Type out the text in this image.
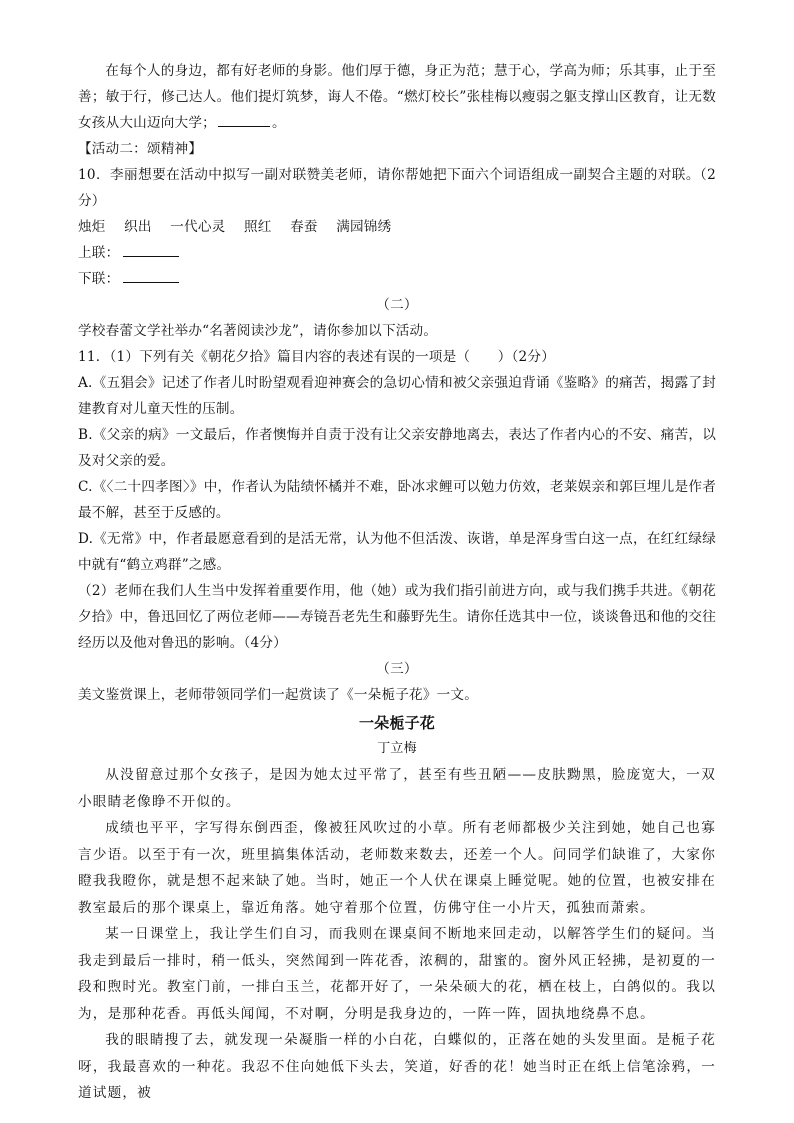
在每个人的身边，都有好老师的身影。他们厚于德，身正为范；慧于心，学高为师；乐其事，止于至善；敏于行，修己达人。他们提灯筑梦，诲人不倦。“燃灯校长”张桂梅以瘦弱之躯支撑山区教育，让无数女孩从大山迈向大学；	。

【活动二：颂精神】

10．李丽想要在活动中拟写一副对联赞美老师，请你帮她把下面六个词语组成一副契合主题的对联。（2分）

烛炬 织出 一代心灵 照红 春蚕 满园锦绣

上联：

下联：

（二）

学校春蕾文学社举办“名著阅读沙龙”，请你参加以下活动。

11．（1）下列有关《朝花夕拾》篇目内容的表述有误的一项是（　　）（2分）

A.《五猖会》记述了作者儿时盼望观看迎神赛会的急切心情和被父亲强迫背诵《鉴略》的痛苦，揭露了封建教育对儿童天性的压制。

B.《父亲的病》一文最后，作者懊悔并自责于没有让父亲安静地离去，表达了作者内心的不安、痛苦，以及对父亲的爱。

C.《〈二十四孝图〉》中，作者认为陆绩怀橘并不难，卧冰求鲤可以勉力仿效，老莱娱亲和郭巨埋儿是作者最不解，甚至于反感的。

D.《无常》中，作者最愿意看到的是活无常，认为他不但活泼、诙谐，单是浑身雪白这一点，在红红绿绿中就有“鹤立鸡群”之感。

（2）老师在我们人生当中发挥着重要作用，他（她）或为我们指引前进方向，或与我们携手共进。《朝花夕拾》中，鲁迅回忆了两位老师——寿镜吾老先生和藤野先生。请你任选其中一位，谈谈鲁迅和他的交往经历以及他对鲁迅的影响。（4分）

（三）

美文鉴赏课上，老师带领同学们一起赏读了《一朵栀子花》一文。

一朵栀子花

丁立梅

从没留意过那个女孩子，是因为她太过平常了，甚至有些丑陋——皮肤黝黑，脸庞宽大，一双小眼睛老像睁不开似的。

成绩也平平，字写得东倒西歪，像被狂风吹过的小草。所有老师都极少关注到她，她自己也寡言少语。以至于有一次，班里搞集体活动，老师数来数去，还差一个人。问同学们缺谁了，大家你瞪我我瞪你，就是想不起来缺了她。当时，她正一个人伏在课桌上睡觉呢。她的位置，也被安排在教室最后的那个课桌上，靠近角落。她守着那个位置，仿佛守住一小片天，孤独而萧索。

某一日课堂上，我让学生们自习，而我则在课桌间不断地来回走动，以解答学生们的疑问。当我走到最后一排时，稍一低头，突然闻到一阵花香，浓稠的，甜蜜的。窗外风正轻拂，是初夏的一段和煦时光。教室门前，一排白玉兰，花都开好了，一朵朵硕大的花，栖在枝上，白鸽似的。我以为，是那种花香。再低头闻闻，不对啊，分明是我身边的，一阵一阵，固执地绕鼻不息。

我的眼睛搜了去，就发现一朵凝脂一样的小白花，白蝶似的，正落在她的头发里面。是栀子花呀，我最喜欢的一种花。我忍不住向她低下头去，笑道，好香的花！她当时正在纸上信笔涂鸦，一道试题，被
